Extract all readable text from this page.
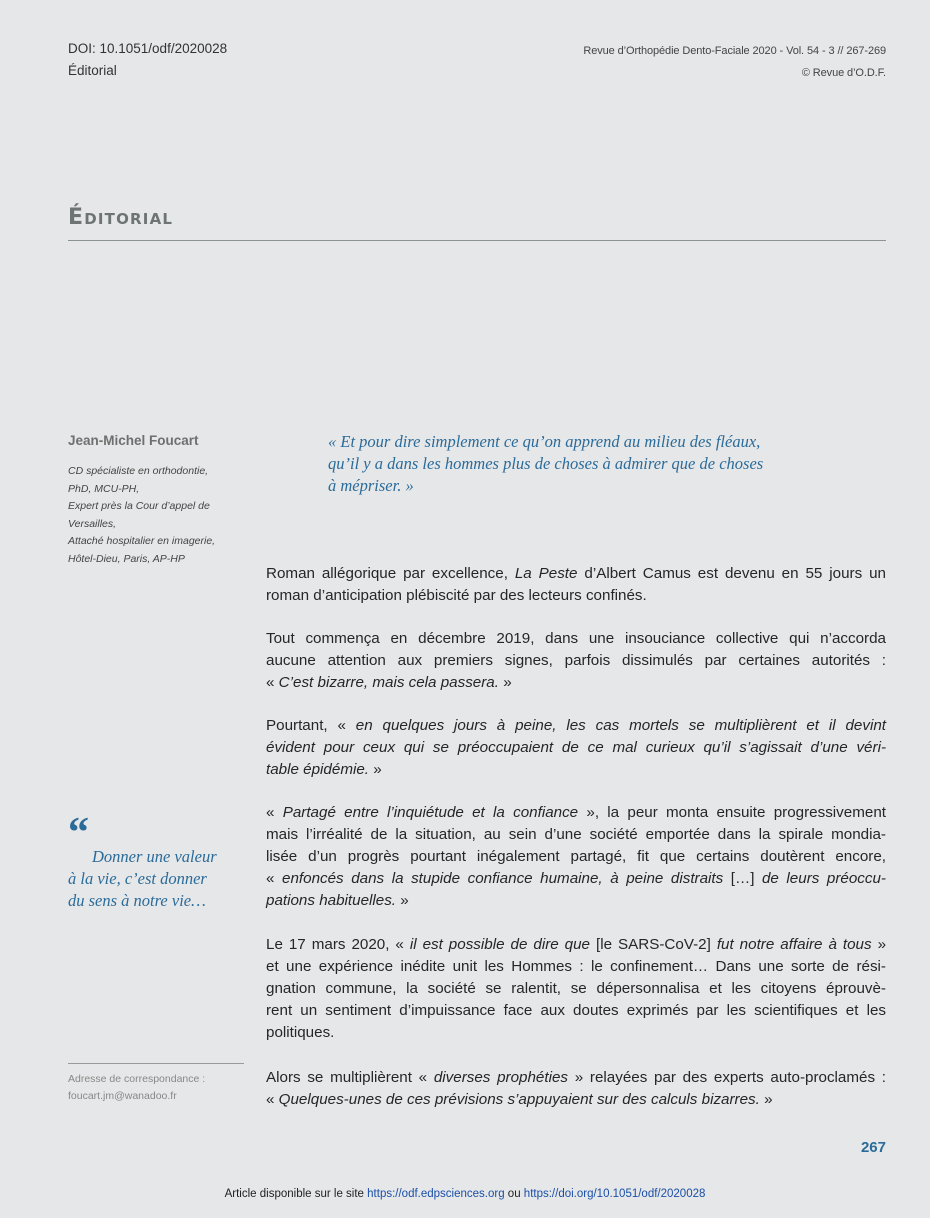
DOI: 10.1051/odf/2020028
Éditorial
Revue d’Orthopédie Dento-Faciale 2020 - Vol. 54 - 3 // 267-269
© Revue d’O.D.F.
Éditorial
Jean-Michel Foucart
CD spécialiste en orthodontie,
PhD, MCU-PH,
Expert près la Cour d’appel de
Versailles,
Attaché hospitalier en imagerie,
Hôtel-Dieu, Paris, AP-HP
« Et pour dire simplement ce qu’on apprend au milieu des fléaux,
qu’il y a dans les hommes plus de choses à admirer que de choses
à mépriser. »
“
Donner une valeur
à la vie, c’est donner
du sens à notre vie…
Adresse de correspondance :
foucart.jm@wanadoo.fr
Roman allégorique par excellence, La Peste d’Albert Camus est devenu en 55 jours un
roman d’anticipation plébiscité par des lecteurs confinés.
Tout commença en décembre 2019, dans une insouciance collective qui n’accorda
aucune attention aux premiers signes, parfois dissimulés par certaines autorités :
« C’est bizarre, mais cela passera. »
Pourtant, « en quelques jours à peine, les cas mortels se multiplièrent et il devint
évident pour ceux qui se préoccupaient de ce mal curieux qu’il s’agissait d’une véri-
table épidémie. »
« Partagé entre l’inquiétude et la confiance », la peur monta ensuite progressivement
mais l’irréalité de la situation, au sein d’une société emportée dans la spirale mondia-
lisée d’un progrès pourtant inégalement partagé, fit que certains doutèrent encore,
« enfoncés dans la stupide confiance humaine, à peine distraits […] de leurs préoccu-
pations habituelles. »
Le 17 mars 2020, « il est possible de dire que [le SARS-CoV-2] fut notre affaire à tous »
et une expérience inédite unit les Hommes : le confinement… Dans une sorte de rési-
gnation commune, la société se ralentit, se dépersonnalisa et les citoyens éprouvè-
rent un sentiment d’impuissance face aux doutes exprimés par les scientifiques et les
politiques.
Alors se multiplièrent « diverses prophéties » relayées par des experts auto-proclamés :
« Quelques-unes de ces prévisions s’appuyaient sur des calculs bizarres. »
267
Article disponible sur le site https://odf.edpsciences.org ou https://doi.org/10.1051/odf/2020028
